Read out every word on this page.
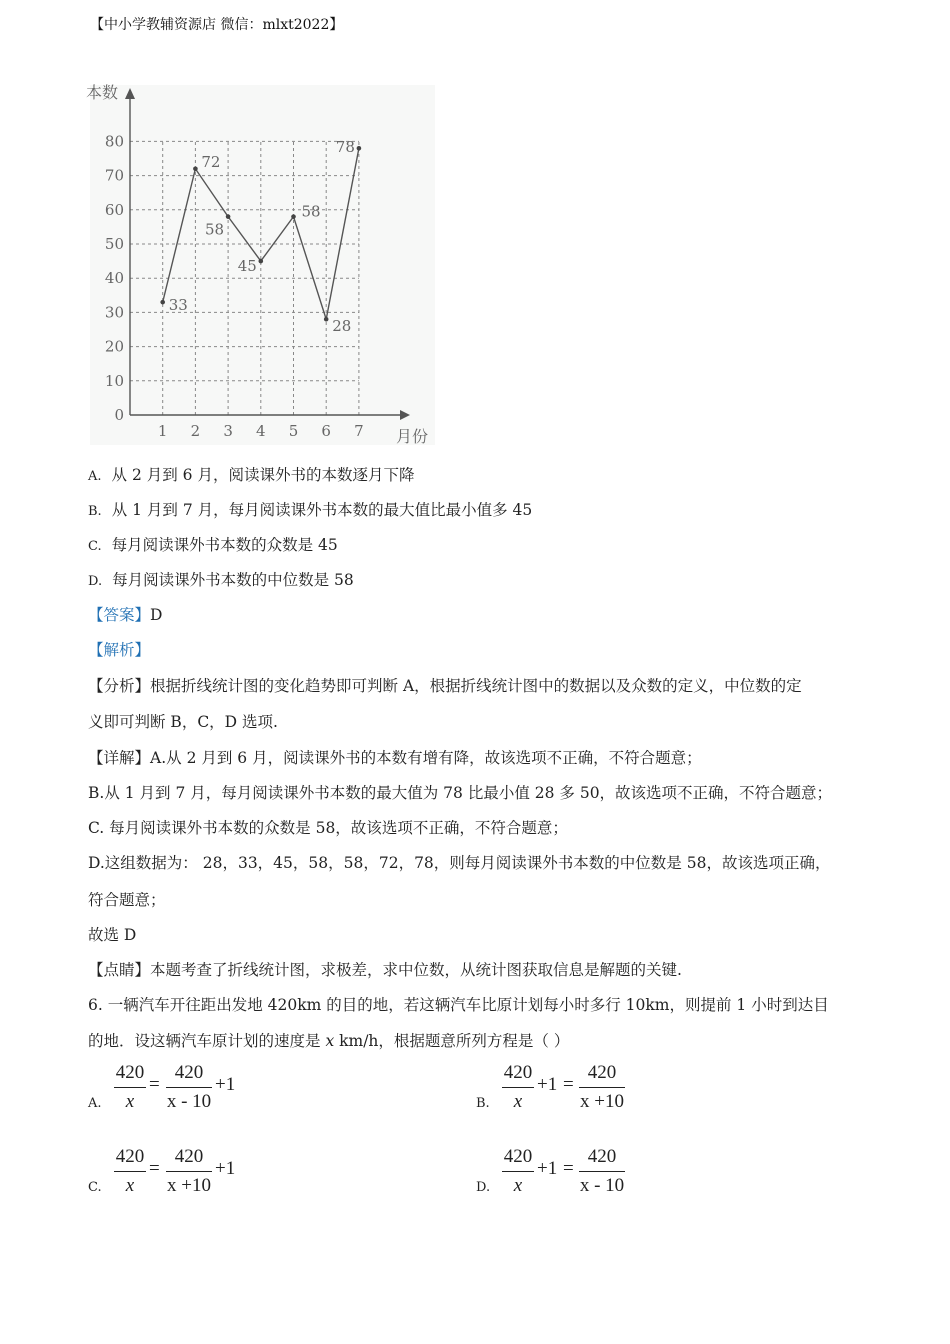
【中小学教辅资源店 微信：mlxt2022】
0
10
20
30
40
50
60
70
80
1 2 3 4 5 6 7
33
72
58
45
58
28
78
本数
月份
A. 从 2 月到 6 月，阅读课外书的本数逐月下降
B. 从 1 月到 7 月，每月阅读课外书本数的最大值比最小值多 45
C. 每月阅读课外书本数的众数是 45
D. 每月阅读课外书本数的中位数是 58
【答案】D
【解析】
【分析】根据折线统计图的变化趋势即可判断 A，根据折线统计图中的数据以及众数的定义，中位数的定
义即可判断 B，C，D 选项.
【详解】A.从 2 月到 6 月，阅读课外书的本数有增有降，故该选项不正确，不符合题意；
B.从 1 月到 7 月，每月阅读课外书本数的最大值为 78 比最小值 28 多 50，故该选项不正确，不符合题意；
C. 每月阅读课外书本数的众数是 58，故该选项不正确，不符合题意；
D.这组数据为： 28，33，45，58，58，72，78，则每月阅读课外书本数的中位数是 58，故该选项正确，
符合题意；
故选 D
【点睛】本题考查了折线统计图，求极差，求中位数，从统计图获取信息是解题的关键.
6. 一辆汽车开往距出发地 420km 的目的地，若这辆汽车比原计划每小时多行 10km，则提前 1 小时到达目
的地．设这辆汽车原计划的速度是 x km/h，根据题意所列方程是（ ）
A.
420
x
=
420
x - 10
+1
B.
420
x
+1 =
420
x +10
C.
420
x
=
420
x +10
+1
D.
420
x
+1 =
420
x - 10
